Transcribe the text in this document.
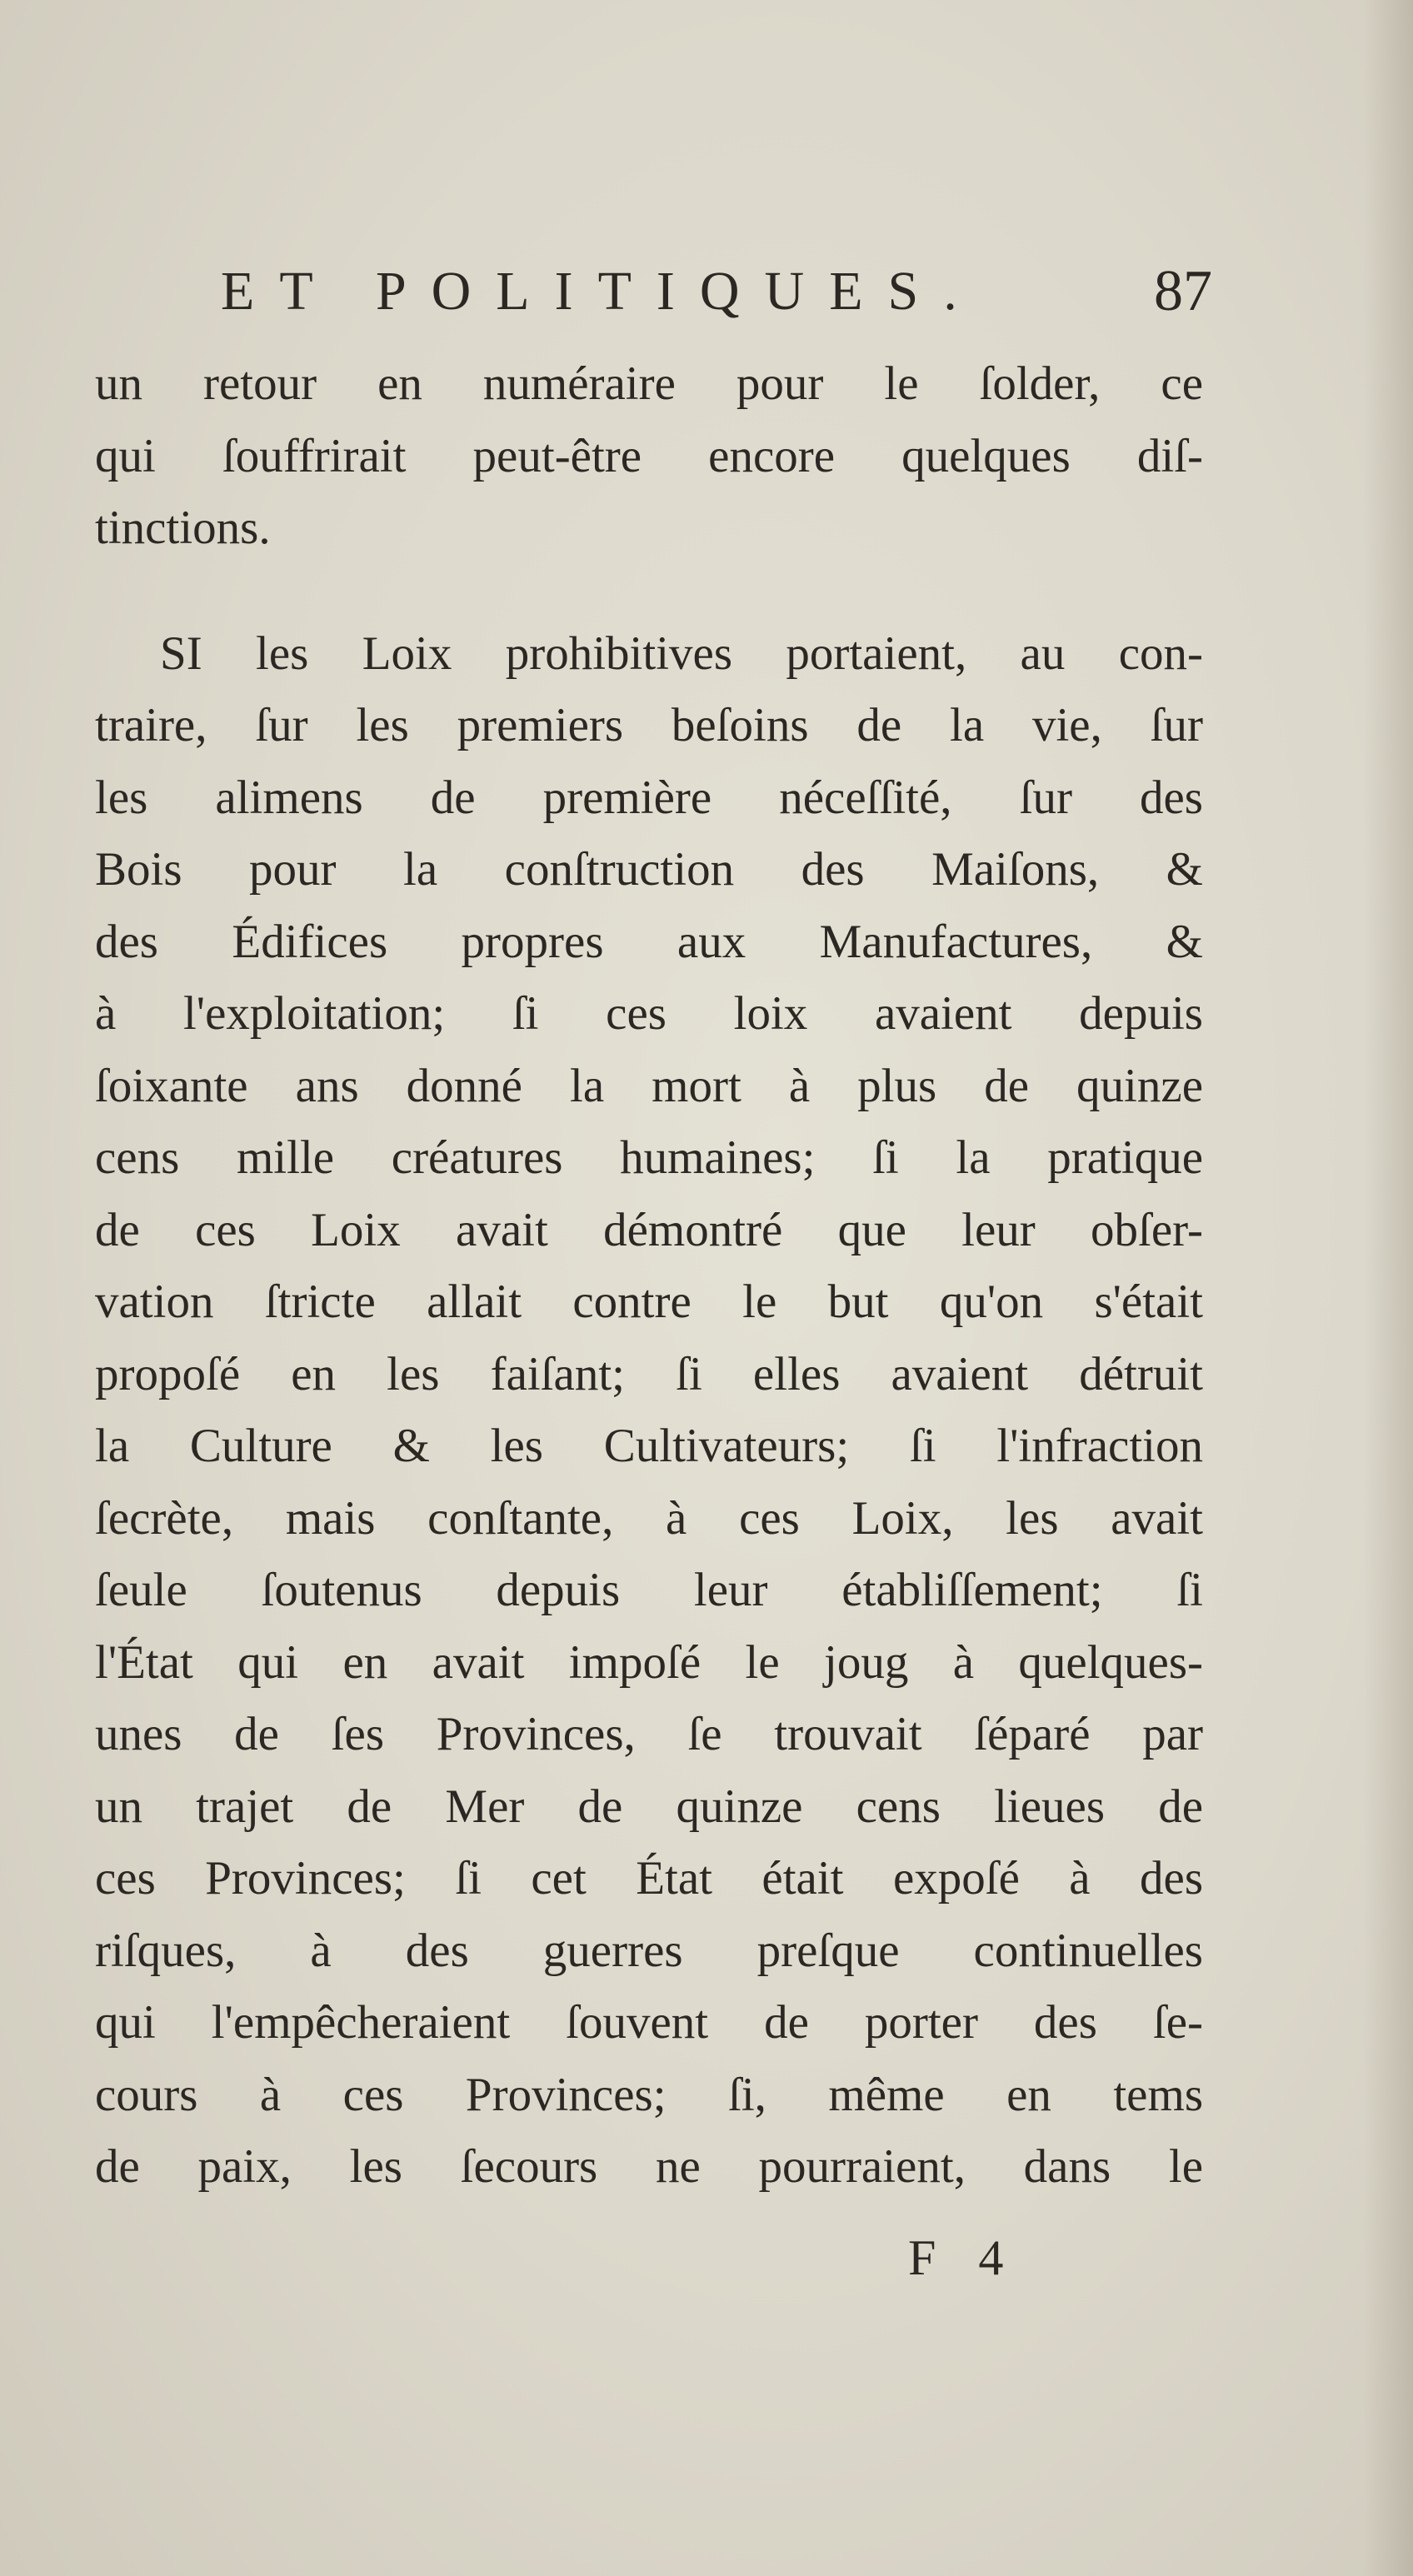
ET POLITIQUES.	87
un retour en numéraire pour le ſolder, ce
qui ſouffrirait peut-être encore quelques diſ-
tinctions.
SI les Loix prohibitives portaient, au con-
traire, ſur les premiers beſoins de la vie, ſur
les alimens de première néceſſité, ſur des
Bois pour la conſtruction des Maiſons, &
des Édifices propres aux Manufactures, &
à l'exploitation; ſi ces loix avaient depuis
ſoixante ans donné la mort à plus de quinze
cens mille créatures humaines; ſi la pratique
de ces Loix avait démontré que leur obſer-
vation ſtricte allait contre le but qu'on s'était
propoſé en les faiſant; ſi elles avaient détruit
la Culture & les Cultivateurs; ſi l'infraction
ſecrète, mais conſtante, à ces Loix, les avait
ſeule ſoutenus depuis leur établiſſement; ſi
l'État qui en avait impoſé le joug à quelques-
unes de ſes Provinces, ſe trouvait ſéparé par
un trajet de Mer de quinze cens lieues de
ces Provinces; ſi cet État était expoſé à des
riſques, à des guerres preſque continuelles
qui l'empêcheraient ſouvent de porter des ſe-
cours à ces Provinces; ſi, même en tems
de paix, les ſecours ne pourraient, dans le
F 4
